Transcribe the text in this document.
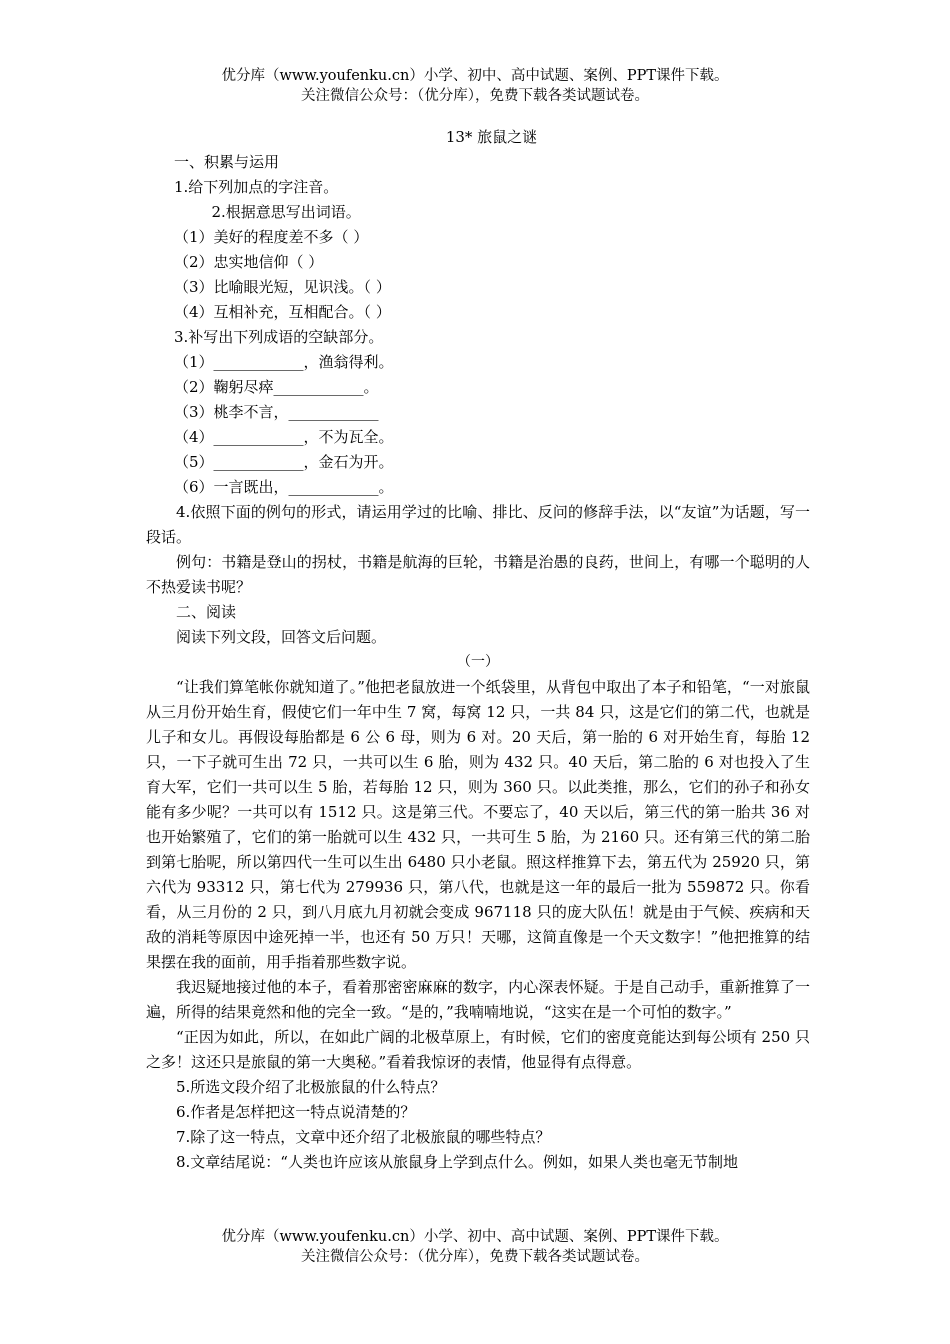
优分库（www.youfenku.cn）小学、初中、高中试题、案例、PPT课件下载。
关注微信公众号：（优分库），免费下载各类试题试卷。

13* 旅鼠之谜

一、积累与运用

1.给下列加点的字注音。

2.根据意思写出词语。

（1）美好的程度差不多（ ）

（2）忠实地信仰（ ）

（3）比喻眼光短，见识浅。（ ）

（4）互相补充，互相配合。（ ）

3.补写出下列成语的空缺部分。

（1）____________，渔翁得利。

（2）鞠躬尽瘁____________。

（3）桃李不言，____________

（4）____________，不为瓦全。

（5）____________，金石为开。

（6）一言既出，____________。

4.依照下面的例句的形式，请运用学过的比喻、排比、反问的修辞手法，以“友谊”为话题，写一段话。

例句：书籍是登山的拐杖，书籍是航海的巨轮，书籍是治愚的良药，世间上，有哪一个聪明的人不热爱读书呢？

二、阅读

阅读下列文段，回答文后问题。

（一）

“让我们算笔帐你就知道了。”他把老鼠放进一个纸袋里，从背包中取出了本子和铅笔，“一对旅鼠从三月份开始生育，假使它们一年中生 7 窝，每窝 12 只，一共 84 只，这是它们的第二代，也就是儿子和女儿。再假设每胎都是 6 公 6 母，则为 6 对。20 天后，第一胎的 6 对开始生育，每胎 12 只，一下子就可生出 72 只，一共可以生 6 胎，则为 432 只。40 天后，第二胎的 6 对也投入了生育大军，它们一共可以生 5 胎，若每胎 12 只，则为 360 只。以此类推，那么，它们的孙子和孙女能有多少呢？一共可以有 1512 只。这是第三代。不要忘了，40 天以后，第三代的第一胎共 36 对也开始繁殖了，它们的第一胎就可以生 432 只，一共可生 5 胎，为 2160 只。还有第三代的第二胎到第七胎呢，所以第四代一生可以生出 6480 只小老鼠。照这样推算下去，第五代为 25920 只，第六代为 93312 只，第七代为 279936 只，第八代，也就是这一年的最后一批为 559872 只。你看看，从三月份的 2 只，到八月底九月初就会变成 967118 只的庞大队伍！就是由于气候、疾病和天敌的消耗等原因中途死掉一半，也还有 50 万只！天哪，这简直像是一个天文数字！”他把推算的结果摆在我的面前，用手指着那些数字说。

我迟疑地接过他的本子，看着那密密麻麻的数字，内心深表怀疑。于是自己动手，重新推算了一遍，所得的结果竟然和他的完全一致。“是的，”我喃喃地说，“这实在是一个可怕的数字。”

“正因为如此，所以，在如此广阔的北极草原上，有时候，它们的密度竟能达到每公顷有 250 只之多！这还只是旅鼠的第一大奥秘。”看着我惊讶的表情，他显得有点得意。

5.所选文段介绍了北极旅鼠的什么特点？

6.作者是怎样把这一特点说清楚的？

7.除了这一特点，文章中还介绍了北极旅鼠的哪些特点？

8.文章结尾说：“人类也许应该从旅鼠身上学到点什么。例如，如果人类也毫无节制地

优分库（www.youfenku.cn）小学、初中、高中试题、案例、PPT课件下载。
关注微信公众号：（优分库），免费下载各类试题试卷。
